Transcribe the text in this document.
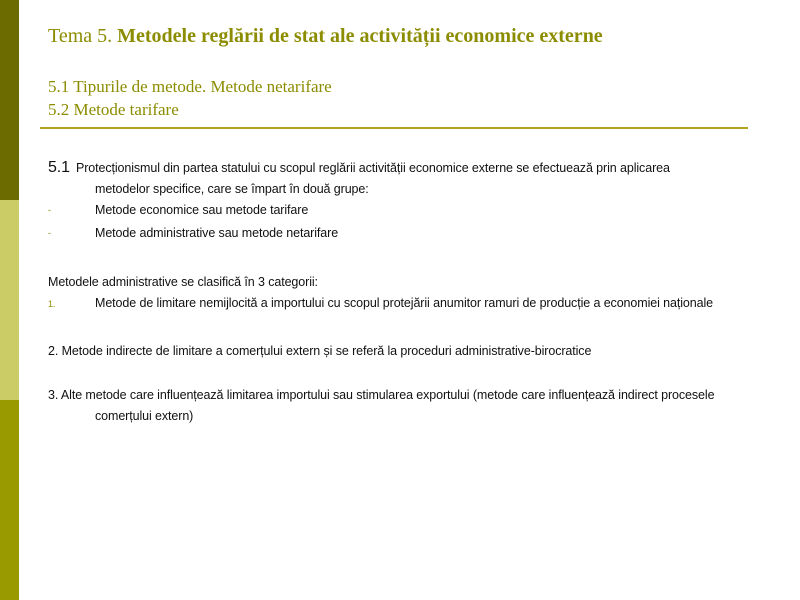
Tema 5. Metodele reglării de stat ale activității economice externe
5.1 Tipurile de metode. Metode netarifare
5.2 Metode tarifare
5.1 Protecționismul din partea statului cu scopul reglării activității economice externe se efectuează prin aplicarea
metodelor specifice, care se împart în două grupe:
-	Metode economice sau metode tarifare
-	Metode administrative sau metode netarifare
Metodele administrative se clasifică în 3 categorii:
1.	Metode de limitare nemijlocită a importului cu scopul protejării anumitor ramuri de producție a economiei naționale
2. Metode indirecte de limitare a comerțului extern și se referă la proceduri administrative-birocratice
3. Alte metode care influențează limitarea importului sau stimularea exportului (metode care influențează indirect procesele
comerțului extern)
